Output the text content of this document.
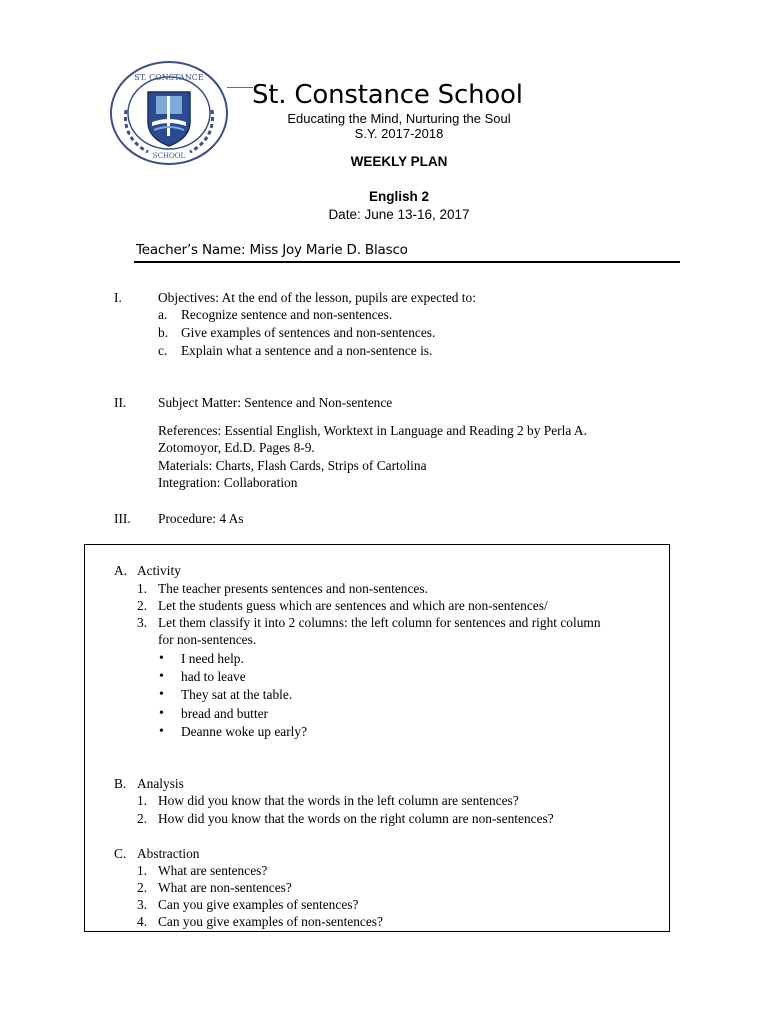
ST. CONSTANCE
SCHOOL
St. Constance School
Educating the Mind, Nurturing the Soul
S.Y. 2017-2018
WEEKLY PLAN
English 2
Date: June 13-16, 2017
Teacher’s Name: Miss Joy Marie D. Blasco
I.	Objectives: At the end of the lesson, pupils are expected to:
a. Recognize sentence and non-sentences.
b. Give examples of sentences and non-sentences.
c. Explain what a sentence and a non-sentence is.
II. Subject Matter: Sentence and Non-sentence
References: Essential English, Worktext in Language and Reading 2 by Perla A.
Zotomoyor, Ed.D. Pages 8-9.
Materials: Charts, Flash Cards, Strips of Cartolina
Integration: Collaboration
III. Procedure: 4 As
A. Activity
1. The teacher presents sentences and non-sentences.
2. Let the students guess which are sentences and which are non-sentences/
3. Let them classify it into 2 columns: the left column for sentences and right column
for non-sentences.
• I need help.
• had to leave
• They sat at the table.
• bread and butter
• Deanne woke up early?
B. Analysis
1. How did you know that the words in the left column are sentences?
2. How did you know that the words on the right column are non-sentences?
C. Abstraction
1. What are sentences?
2. What are non-sentences?
3. Can you give examples of sentences?
4. Can you give examples of non-sentences?
